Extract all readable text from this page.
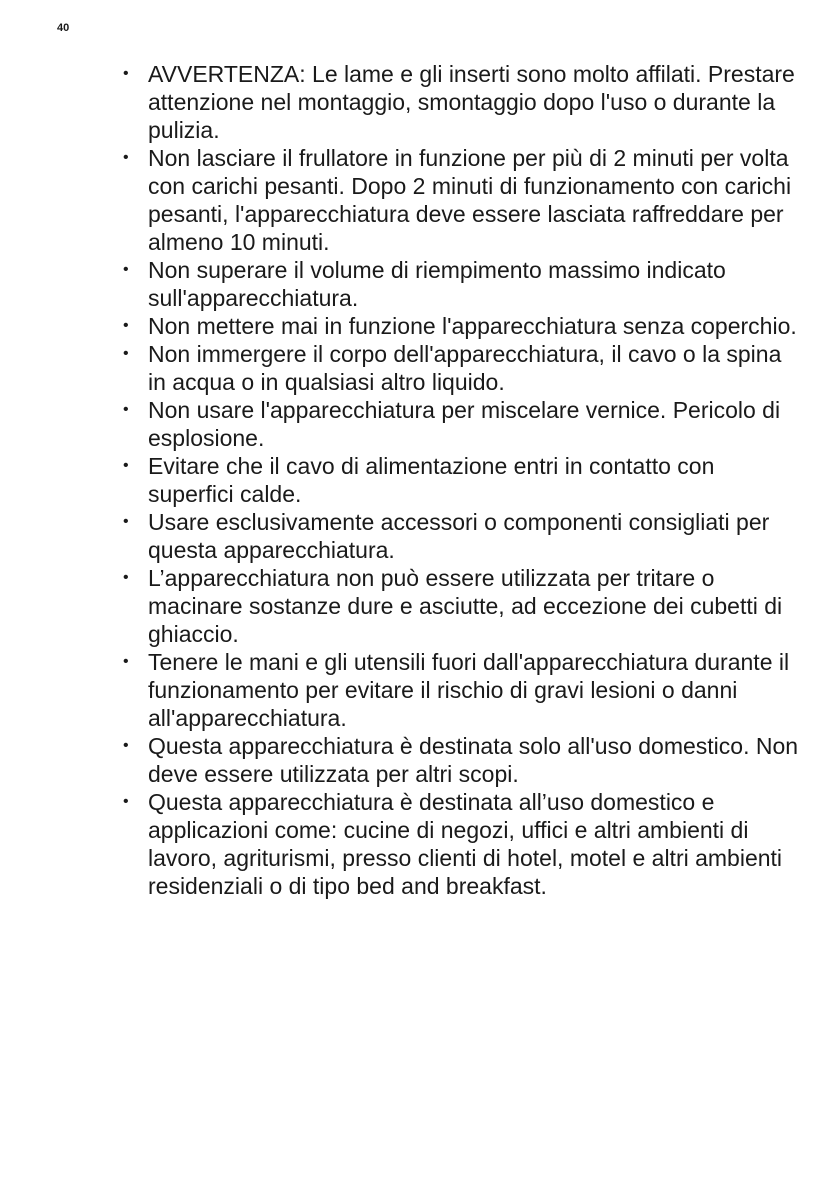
40
• AVVERTENZA: Le lame e gli inserti sono molto affilati. Prestare attenzione nel montaggio, smontaggio dopo l'uso o durante la pulizia.
• Non lasciare il frullatore in funzione per più di 2 minuti per volta con carichi pesanti. Dopo 2 minuti di funzionamento con carichi pesanti, l'apparecchiatura deve essere lasciata raffreddare per almeno 10 minuti.
• Non superare il volume di riempimento massimo indicato sull'apparecchiatura.
• Non mettere mai in funzione l'apparecchiatura senza coperchio.
• Non immergere il corpo dell'apparecchiatura, il cavo o la spina in acqua o in qualsiasi altro liquido.
• Non usare l'apparecchiatura per miscelare vernice. Pericolo di esplosione.
• Evitare che il cavo di alimentazione entri in contatto con superfici calde.
• Usare esclusivamente accessori o componenti consigliati per questa apparecchiatura.
• L’apparecchiatura non può essere utilizzata per tritare o macinare sostanze dure e asciutte, ad eccezione dei cubetti di ghiaccio.
• Tenere le mani e gli utensili fuori dall'apparecchiatura durante il funzionamento per evitare il rischio di gravi lesioni o danni all'apparecchiatura.
• Questa apparecchiatura è destinata solo all'uso domestico. Non deve essere utilizzata per altri scopi.
• Questa apparecchiatura è destinata all’uso domestico e applicazioni come: cucine di negozi, uffici e altri ambienti di lavoro, agriturismi, presso clienti di hotel, motel e altri ambienti residenziali o di tipo bed and breakfast.
